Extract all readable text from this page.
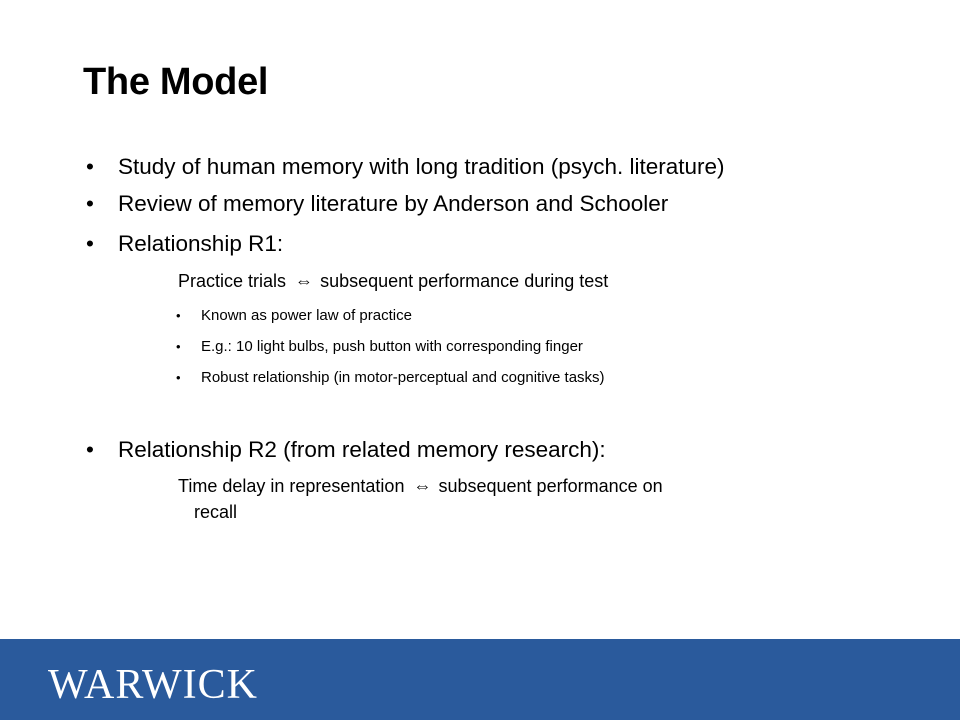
The Model
• Study of human memory with long tradition (psych. literature)
• Review of memory literature by Anderson and Schooler
• Relationship R1:
Practice trials ⇔ subsequent performance during test
• Known as power law of practice
• E.g.: 10 light bulbs, push button with corresponding finger
• Robust relationship (in motor-perceptual and cognitive tasks)
• Relationship R2 (from related memory research):
Time delay in representation ⇔ subsequent performance on
recall
WARWICK
